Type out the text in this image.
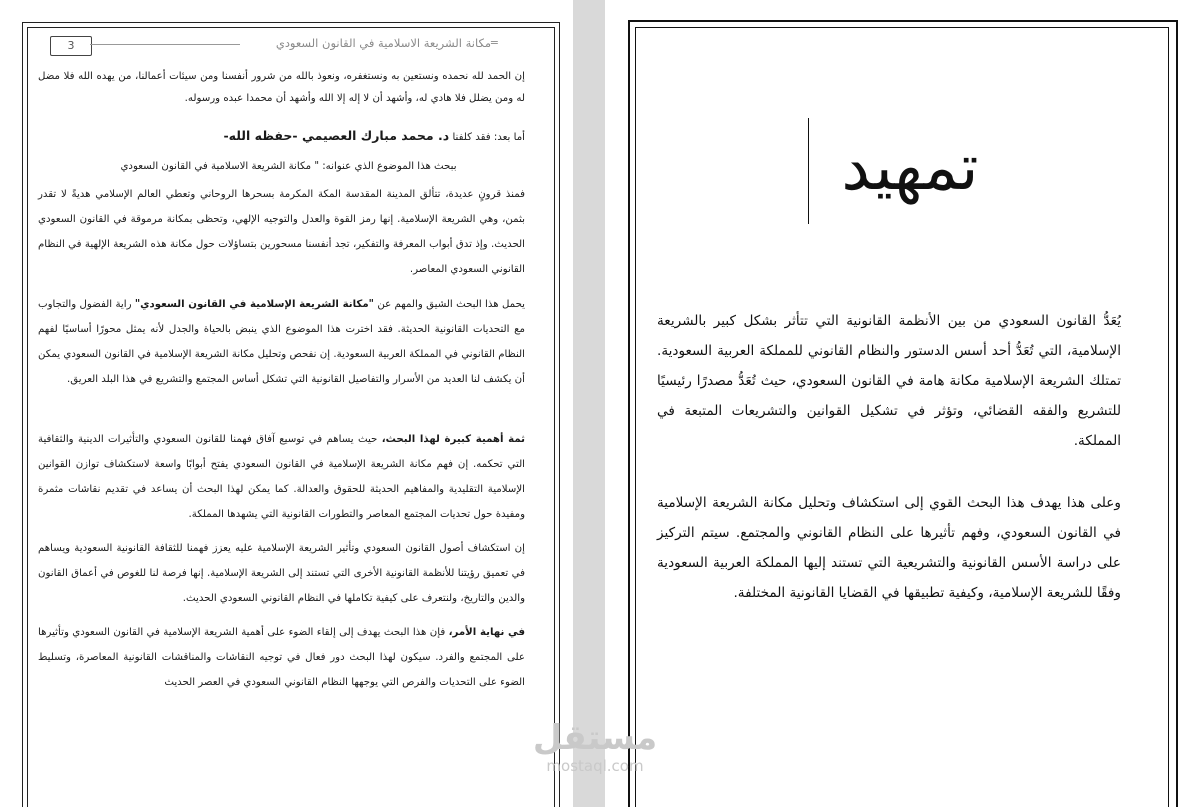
3	مكانة الشريعة الاسلامية في القانون السعودي
=

إن الحمد لله نحمده ونستعين به ونستغفره، ونعوذ بالله من شرور أنفسنا ومن سيئات أعمالنا، من يهده الله فلا مضل له ومن يضلل فلا هادي له، وأشهد أن لا إله إلا الله وأشهد أن محمدا عبده ورسوله.

أما بعد: فقد كلفنا د. محمد مبارك العصيمي -حفظه الله-

ببحث هذا الموضوع الذي عنوانه: " مكانة الشريعة الاسلامية في القانون السعودي

فمنذ قرونٍ عديدة، تتألق المدينة المقدسة المكة المكرمة بسحرها الروحاني وتعطي العالم الإسلامي هديةً لا تقدر بثمن، وهي الشريعة الإسلامية. إنها رمز القوة والعدل والتوجيه الإلهي، وتحظى بمكانة مرموقة في القانون السعودي الحديث. وإذ تدق أبواب المعرفة والتفكير، تجد أنفسنا مسحورين بتساؤلات حول مكانة هذه الشريعة الإلهية في النظام القانوني السعودي المعاصر.

يحمل هذا البحث الشيق والمهم عن "مكانة الشريعة الإسلامية في القانون السعودي" راية الفضول والتجاوب مع التحديات القانونية الحديثة. فقد اخترت هذا الموضوع الذي ينبض بالحياة والجدل لأنه يمثل محورًا أساسيًا لفهم النظام القانوني في المملكة العربية السعودية. إن نفحص وتحليل مكانة الشريعة الإسلامية في القانون السعودي يمكن أن يكشف لنا العديد من الأسرار والتفاصيل القانونية التي تشكل أساس المجتمع والتشريع في هذا البلد العريق.

ثمة أهمية كبيرة لهذا البحث، حيث يساهم في توسيع آفاق فهمنا للقانون السعودي والتأثيرات الدينية والثقافية التي تحكمه. إن فهم مكانة الشريعة الإسلامية في القانون السعودي يفتح أبوابًا واسعة لاستكشاف توازن القوانين الإسلامية التقليدية والمفاهيم الحديثة للحقوق والعدالة. كما يمكن لهذا البحث أن يساعد في تقديم نقاشات مثمرة ومفيدة حول تحديات المجتمع المعاصر والتطورات القانونية التي يشهدها المملكة.

إن استكشاف أصول القانون السعودي وتأثير الشريعة الإسلامية عليه يعزز فهمنا للثقافة القانونية السعودية ويساهم في تعميق رؤيتنا للأنظمة القانونية الأخرى التي تستند إلى الشريعة الإسلامية. إنها فرصة لنا للغوص في أعماق القانون والدين والتاريخ، ولنتعرف على كيفية تكاملها في النظام القانوني السعودي الحديث.

في نهاية الأمر، فإن هذا البحث يهدف إلى إلقاء الضوء على أهمية الشريعة الإسلامية في القانون السعودي وتأثيرها على المجتمع والفرد. سيكون لهذا البحث دور فعال في توجيه النقاشات والمناقشات القانونية المعاصرة، وتسليط الضوء على التحديات والفرص التي يوجهها النظام القانوني السعودي في العصر الحديث

تمهيد

يُعَدُّ القانون السعودي من بين الأنظمة القانونية التي تتأثر بشكل كبير بالشريعة الإسلامية، التي تُعَدُّ أحد أسس الدستور والنظام القانوني للمملكة العربية السعودية. تمتلك الشريعة الإسلامية مكانة هامة في القانون السعودي، حيث تُعَدُّ مصدرًا رئيسيًا للتشريع والفقه القضائي، وتؤثر في تشكيل القوانين والتشريعات المتبعة في المملكة.

وعلى هذا يهدف هذا البحث القوي إلى استكشاف وتحليل مكانة الشريعة الإسلامية في القانون السعودي، وفهم تأثيرها على النظام القانوني والمجتمع. سيتم التركيز على دراسة الأسس القانونية والتشريعية التي تستند إليها المملكة العربية السعودية وفقًا للشريعة الإسلامية، وكيفية تطبيقها في القضايا القانونية المختلفة.

مستقل
mostaql.com
